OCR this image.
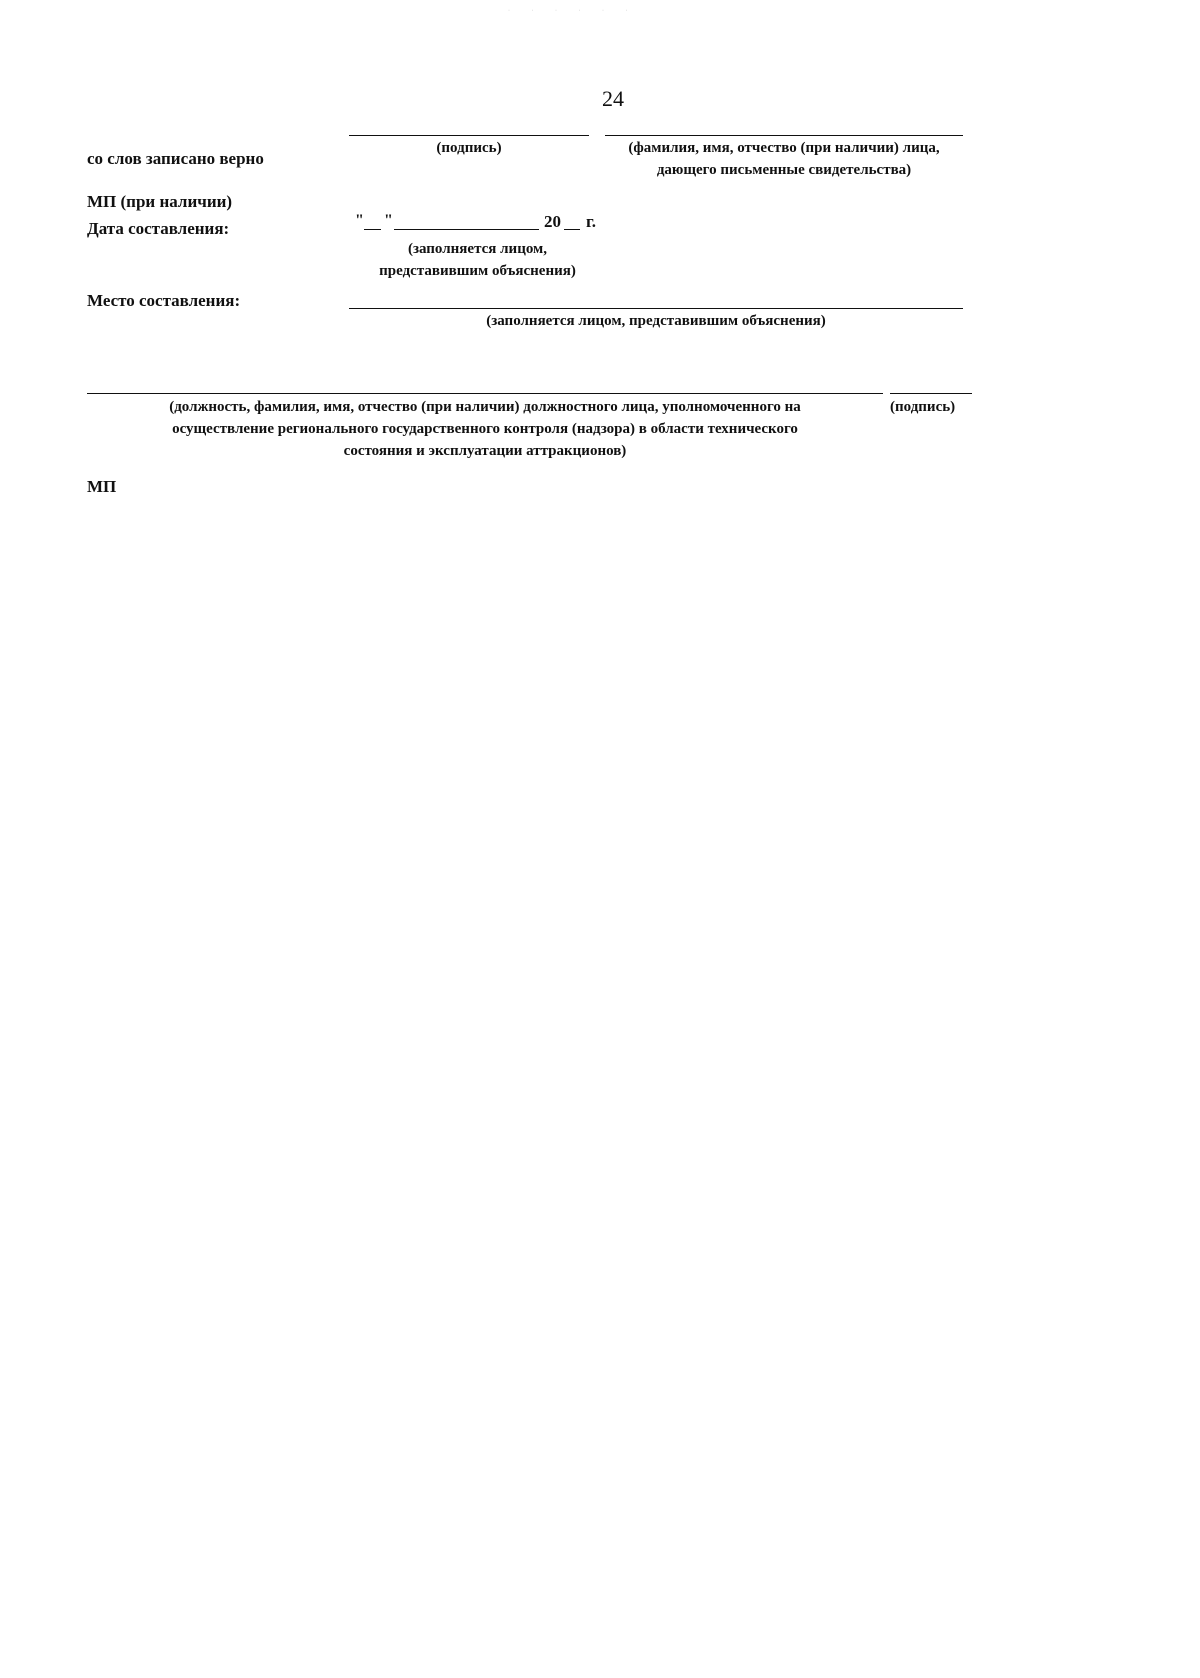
· · · · · ·
24
со слов записано верно
(подпись)	(фамилия, имя, отчество (при наличии) лица,
дающего письменные свидетельства)
МП (при наличии)
Дата составления:	" "	20 г.
(заполняется лицом,
представившим объяснения)
Место составления:
(заполняется лицом, представившим объяснения)
(должность, фамилия, имя, отчество (при наличии) должностного лица, уполномоченного на
осуществление регионального государственного контроля (надзора) в области технического
состояния и эксплуатации аттракционов)
(подпись)
МП
